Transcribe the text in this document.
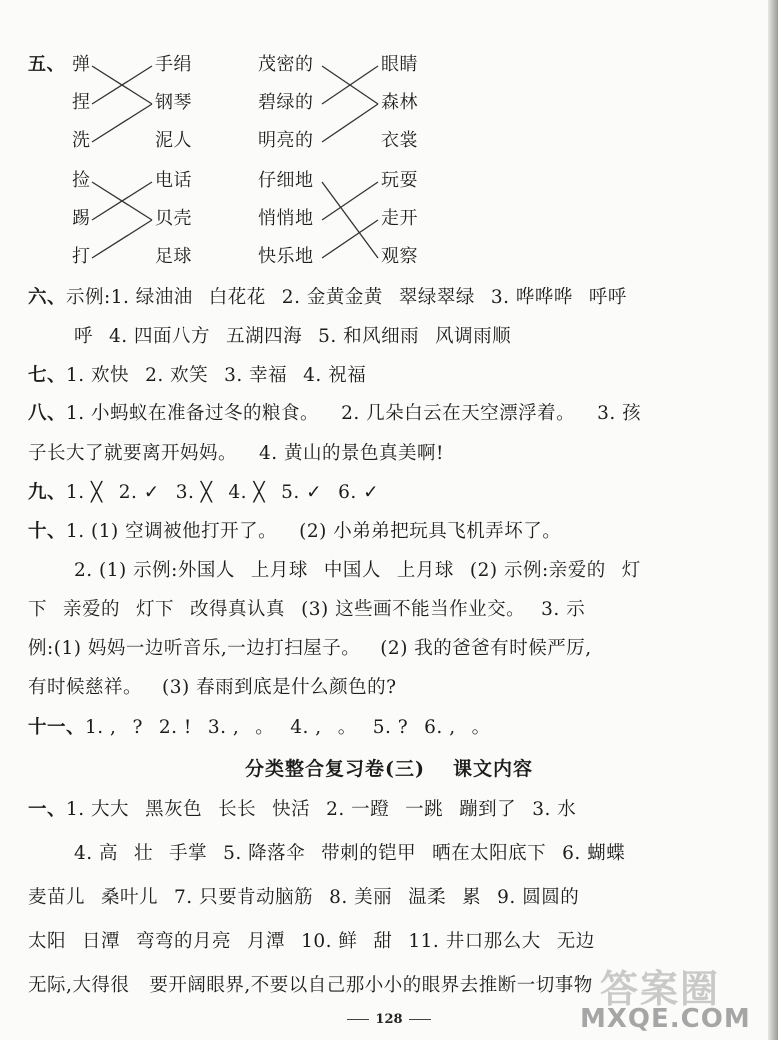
五、 弹
捏
洗
手绢
钢琴
泥人
捡
踢
打
电话
贝壳
足球
茂密的
碧绿的
明亮的
眼睛
森林
衣裳
仔细地
悄悄地
快乐地
玩耍
走开
观察
六、示例:1. 绿油油 白花花 2. 金黄金黄 翠绿翠绿 3. 哗哗哗 呼呼
呼 4. 四面八方 五湖四海 5. 和风细雨 风调雨顺
七、1. 欢快 2. 欢笑 3. 幸福 4. 祝福
八、1. 小蚂蚁在准备过冬的粮食。 2. 几朵白云在天空漂浮着。 3. 孩
子长大了就要离开妈妈。 4. 黄山的景色真美啊!
九、1. ╳ 2. ✓ 3. ╳ 4. ╳ 5. ✓ 6. ✓
十、1. (1) 空调被他打开了。 (2) 小弟弟把玩具飞机弄坏了。
2. (1) 示例:外国人 上月球 中国人 上月球 (2) 示例:亲爱的 灯
下 亲爱的 灯下 改得真认真 (3) 这些画不能当作业交。 3. 示
例:(1) 妈妈一边听音乐,一边打扫屋子。 (2) 我的爸爸有时候严厉,
有时候慈祥。 (3) 春雨到底是什么颜色的?
十一、1. , ? 2. ! 3. , 。 4. , 。 5. ? 6. , 。
分类整合复习卷(三) 课文内容
一、1. 大大 黑灰色 长长 快活 2. 一蹬 一跳 蹦到了 3. 水
4. 高 壮 手掌 5. 降落伞 带刺的铠甲 晒在太阳底下 6. 蝴蝶
麦苗儿 桑叶儿 7. 只要肯动脑筋 8. 美丽 温柔 累 9. 圆圆的
太阳 日潭 弯弯的月亮 月潭 10. 鲜 甜 11. 井口那么大 无边
无际,大得很 要开阔眼界,不要以自己那小小的眼界去推断一切事物
128
答案圈
MXQE.COM
